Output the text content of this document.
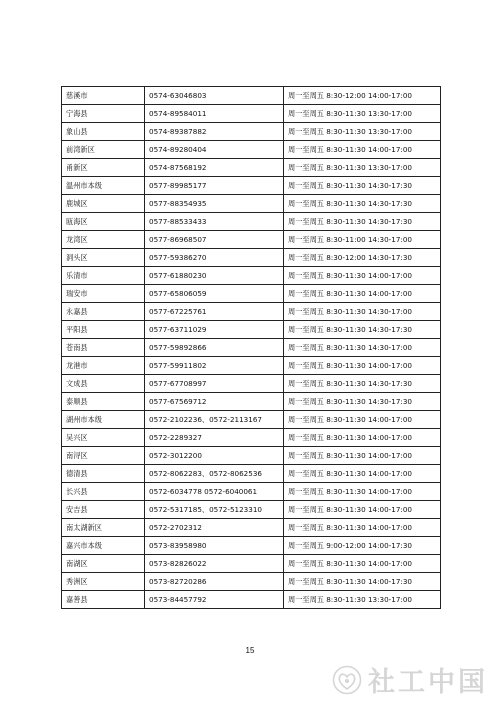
慈溪市	0574-63046803	周一至周五 8:30-12:00 14:00-17:00
宁海县	0574-89584011	周一至周五 8:30-11:30 13:30-17:00
象山县	0574-89387882	周一至周五 8:30-11:30 13:30-17:00
前湾新区	0574-89280404	周一至周五 8:30-11:30 14:00-17:00
甬新区	0574-87568192	周一至周五 8:30-11:30 13:30-17:00
温州市本级	0577-89985177	周一至周五 8:30-11:30 14:30-17:30
鹿城区	0577-88354935	周一至周五 8:30-11:30 14:30-17:30
瓯海区	0577-88533433	周一至周五 8:30-11:30 14:30-17:30
龙湾区	0577-86968507	周一至周五 8:30-11:00 14:30-17:00
洞头区	0577-59386270	周一至周五 8:30-12:00 14:30-17:30
乐清市	0577-61880230	周一至周五 8:30-11:30 14:00-17:00
瑞安市	0577-65806059	周一至周五 8:30-11:30 14:00-17:00
永嘉县	0577-67225761	周一至周五 8:30-11:30 14:30-17:00
平阳县	0577-63711029	周一至周五 8:30-11:30 14:30-17:30
苍南县	0577-59892866	周一至周五 8:30-11:30 14:30-17:00
龙港市	0577-59911802	周一至周五 8:30-11:30 14:00-17:00
文成县	0577-67708997	周一至周五 8:30-11:30 14:30-17:30
泰顺县	0577-67569712	周一至周五 8:30-11:30 14:30-17:30
湖州市本级	0572-2102236、0572-2113167	周一至周五 8:30-11:30 14:00-17:00
吴兴区	0572-2289327	周一至周五 8:30-11:30 14:00-17:00
南浔区	0572-3012200	周一至周五 8:30-11:30 14:00-17:00
德清县	0572-8062283、0572-8062536	周一至周五 8:30-11:30 14:00-17:00
长兴县	0572-6034778 0572-6040061	周一至周五 8:30-11:30 14:00-17:00
安吉县	0572-5317185、0572-5123310	周一至周五 8:30-11:30 14:00-17:00
南太湖新区	0572-2702312	周一至周五 8:30-11:30 14:00-17:00
嘉兴市本级	0573-83958980	周一至周五 9:00-12:00 14:00-17:30
南湖区	0573-82826022	周一至周五 8:30-11:30 14:00-17:00
秀洲区	0573-82720286	周一至周五 8:30-11:30 14:00-17:30
嘉善县	0573-84457792	周一至周五 8:30-11:30 13:30-17:00
15
社工中国
